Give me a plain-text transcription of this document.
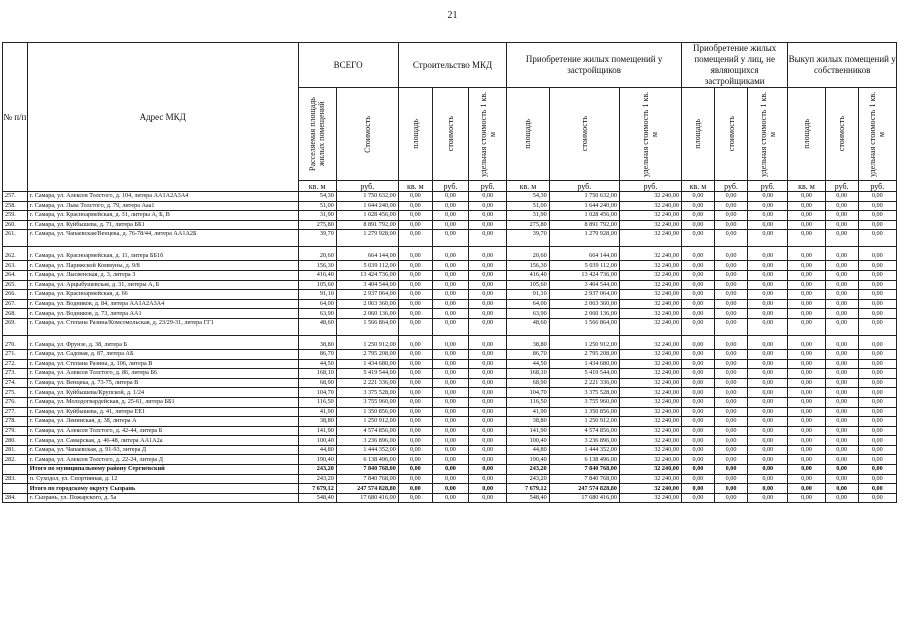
21
№ п/п	Адрес МКД	ВСЕГО		Строительство МКД			Приобретение жилых помещений у застройщиков			Приобретение жилых помещений у лиц, не являющихся застройщиками			Выкуп жилых помещений у собственников		

		Расселяемая площадь жилых помещений	Стоимость	площадь	стоимость	удельная стоимость 1 кв. м	площадь	стоимость	удельная стоимость 1 кв. м	площадь	стоимость	удельная стоимость 1 кв. м	площадь	стоимость	удельная стоимость 1 кв. м

		кв. м	руб.	кв. м	руб.	руб.	кв. м	руб.	руб.	кв. м	руб.	руб.	кв. м	руб.	руб.
257.	г. Самара, ул. Алексея Толстого, д. 104, литера АА1А2А3А4	54,30	1 750 632,00	0,00	0,00	0,00	54,30	1 750 632,00	32 240,00	0,00	0,00	0,00	0,00	0,00	0,00
258.	г. Самара, ул. Льва Толстого, д. 79, литера Ааа1	51,00	1 644 240,00	0,00	0,00	0,00	51,00	1 644 240,00	32 240,00	0,00	0,00	0,00	0,00	0,00	0,00
259.	г. Самара, ул. Красноармейская, д. 31, литеры А, Б, В	31,90	1 028 456,00	0,00	0,00	0,00	31,90	1 028 456,00	32 240,00	0,00	0,00	0,00	0,00	0,00	0,00
260.	г. Самара, ул. Куйбышева, д. 71, литера ББ1	275,80	8 891 792,00	0,00	0,00	0,00	275,80	8 891 792,00	32 240,00	0,00	0,00	0,00	0,00	0,00	0,00
261.	г. Самара, ул. Чапаевская/Венцека, д. 76-78/44, литера АА1А2Б	39,70	1 279 928,00	0,00	0,00	0,00	39,70	1 279 928,00	32 240,00	0,00	0,00	0,00	0,00	0,00	0,00
262.	г. Самара, ул. Красноармейская, д. 11, литера ББ1б	20,60	664 144,00	0,00	0,00	0,00	20,60	664 144,00	32 240,00	0,00	0,00	0,00	0,00	0,00	0,00
263.	г. Самара, ул. Парижской Коммуны, д. 9/8	156,30	5 039 112,00	0,00	0,00	0,00	156,30	5 039 112,00	32 240,00	0,00	0,00	0,00	0,00	0,00	0,00
264.	г. Самара, ул. Лысвенская, д. 3, литера З	416,40	13 424 736,00	0,00	0,00	0,00	416,40	13 424 736,00	32 240,00	0,00	0,00	0,00	0,00	0,00	0,00
265.	г. Самара, ул. Арцыбушевская, д. 31, литеры А, Б	105,60	3 404 544,00	0,00	0,00	0,00	105,60	3 404 544,00	32 240,00	0,00	0,00	0,00	0,00	0,00	0,00
266.	г. Самара, ул. Красноармейская, д. 66	91,10	2 937 064,00	0,00	0,00	0,00	91,10	2 937 064,00	32 240,00	0,00	0,00	0,00	0,00	0,00	0,00
267.	г. Самара, ул. Водников, д. 84, литера АА1А2А3А4	64,00	2 063 360,00	0,00	0,00	0,00	64,00	2 063 360,00	32 240,00	0,00	0,00	0,00	0,00	0,00	0,00
268.	г. Самара, ул. Водников, д. 73, литера АА1	63,90	2 060 136,00	0,00	0,00	0,00	63,90	2 060 136,00	32 240,00	0,00	0,00	0,00	0,00	0,00	0,00
269.	г. Самара, ул. Степана Разина/Комсомольская, д. 23/29-31, литера ГГ1	48,60	1 566 864,00	0,00	0,00	0,00	48,60	1 566 864,00	32 240,00	0,00	0,00	0,00	0,00	0,00	0,00
270.	г. Самара, ул. Фрунзе, д. 38, литера Б	38,80	1 250 912,00	0,00	0,00	0,00	38,80	1 250 912,00	32 240,00	0,00	0,00	0,00	0,00	0,00	0,00
271.	г. Самара, ул. Садовая, д. 87, литера АБ	86,70	2 795 208,00	0,00	0,00	0,00	86,70	2 795 208,00	32 240,00	0,00	0,00	0,00	0,00	0,00	0,00
272.	г. Самара, ул. Степана Разина, д. 106, литера В	44,50	1 434 680,00	0,00	0,00	0,00	44,50	1 434 680,00	32 240,00	0,00	0,00	0,00	0,00	0,00	0,00
273.	г. Самара, ул. Алексея Толстого, д. 86, литера Б6	168,10	5 419 544,00	0,00	0,00	0,00	168,10	5 419 544,00	32 240,00	0,00	0,00	0,00	0,00	0,00	0,00
274.	г. Самара, ул. Венцека, д. 73-75, литера В	68,90	2 221 336,00	0,00	0,00	0,00	68,90	2 221 336,00	32 240,00	0,00	0,00	0,00	0,00	0,00	0,00
275.	г. Самара, ул. Куйбышева/Крупской, д. 1/24	104,70	3 375 528,00	0,00	0,00	0,00	104,70	3 375 528,00	32 240,00	0,00	0,00	0,00	0,00	0,00	0,00
276.	г. Самара, ул. Молодогвардейская, д. 25-61, литера ББ1	116,50	3 755 960,00	0,00	0,00	0,00	116,50	3 755 960,00	32 240,00	0,00	0,00	0,00	0,00	0,00	0,00
277.	г. Самара, ул. Куйбышева, д. 41, литера ЕЕ1	41,90	1 350 856,00	0,00	0,00	0,00	41,90	1 350 856,00	32 240,00	0,00	0,00	0,00	0,00	0,00	0,00
278.	г. Самара, ул. Ленинская, д. 38, литера А	38,80	1 250 912,00	0,00	0,00	0,00	38,80	1 250 912,00	32 240,00	0,00	0,00	0,00	0,00	0,00	0,00
279.	г. Самара, ул. Алексея Толстого, д. 42-44, литера Б	141,90	4 574 856,00	0,00	0,00	0,00	141,90	4 574 856,00	32 240,00	0,00	0,00	0,00	0,00	0,00	0,00
280.	г. Самара, ул. Самарская, д. 46-48, литера АА1А2а	100,40	3 236 896,00	0,00	0,00	0,00	100,40	3 236 896,00	32 240,00	0,00	0,00	0,00	0,00	0,00	0,00
281.	г. Самара, ул. Чапаевская, д. 91-93, литера Д	44,80	1 444 352,00	0,00	0,00	0,00	44,80	1 444 352,00	32 240,00	0,00	0,00	0,00	0,00	0,00	0,00
282.	г. Самара, ул. Алексея Толстого, д. 22-24, литера Д	190,40	6 138 496,00	0,00	0,00	0,00	190,40	6 138 496,00	32 240,00	0,00	0,00	0,00	0,00	0,00	0,00
	Итого по муниципальному району Сергиевский	243,20	7 840 768,00	0,00	0,00	0,00	243,20	7 840 768,00	32 240,00	0,00	0,00	0,00	0,00	0,00	0,00
283.	п. Суходол, ул. Спортивная, д. 12	243,20	7 840 768,00	0,00	0,00	0,00	243,20	7 840 768,00	32 240,00	0,00	0,00	0,00	0,00	0,00	0,00
	Итого по городскому округу Сызрань	7 679,12	247 574 828,80	0,00	0,00	0,00	7 679,12	247 574 828,80	32 240,00	0,00	0,00	0,00	0,00	0,00	0,00
284.	г. Сызрань, ул. Пожарского, д. 5а	548,40	17 680 416,00	0,00	0,00	0,00	548,40	17 680 416,00	32 240,00	0,00	0,00	0,00	0,00	0,00	0,00
